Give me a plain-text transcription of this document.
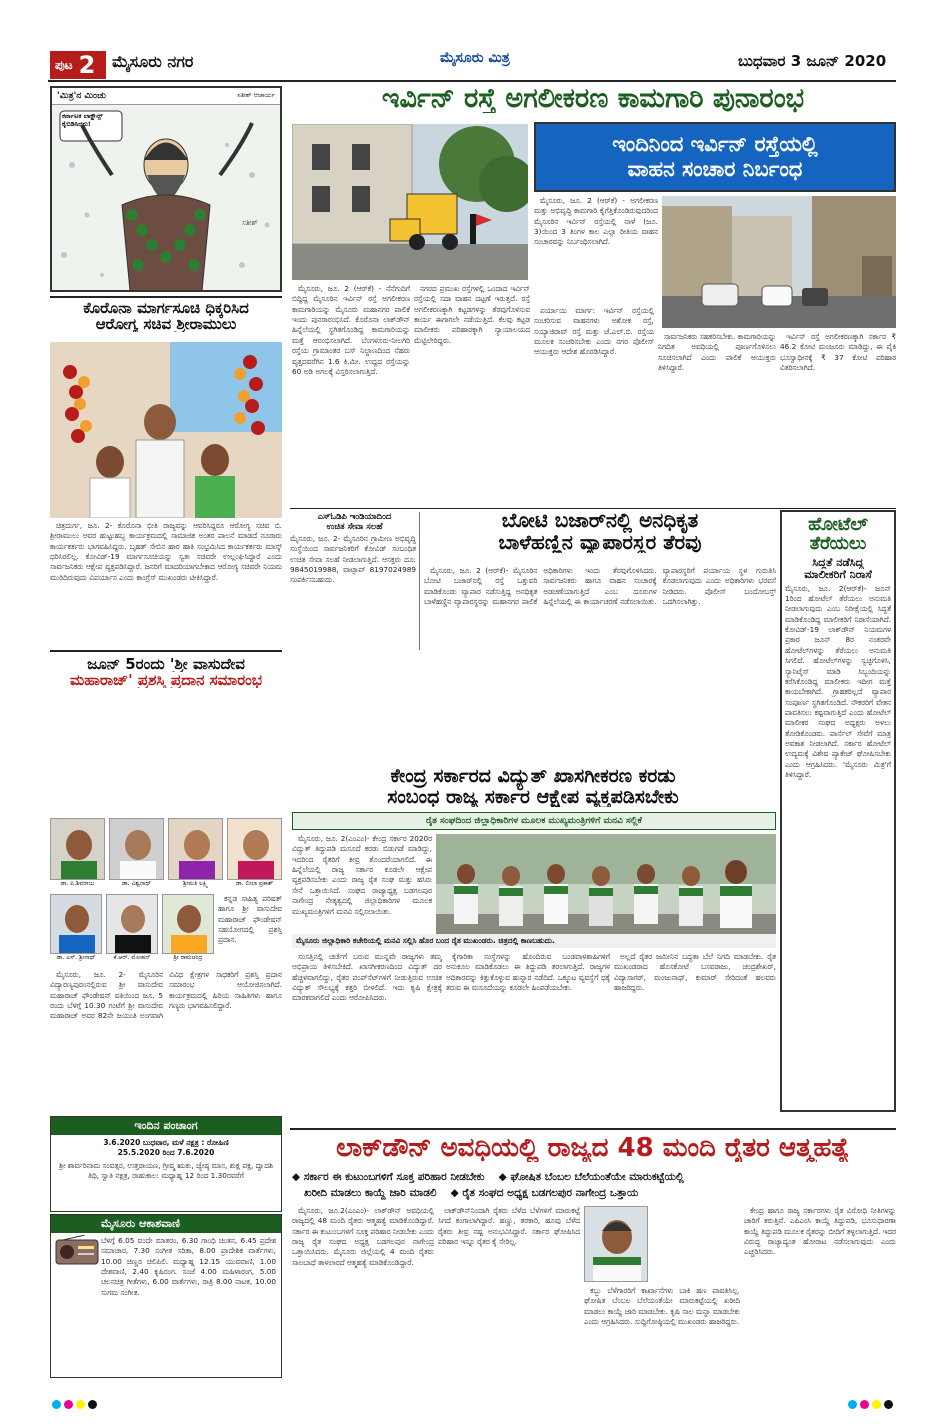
ಪುಟ 2 ಮೈಸೂರು ನಗರ	ಮೈಸೂರು ಮಿತ್ರ	ಬುಧವಾರ 3 ಜೂನ್ 2020
'ಮಿತ್ರ'ನ ಮಿಂಚು	ಸತೀಶ್ ಆಚಾರ್ಯ
ಕರ್ನಾಟಕ ಲಾಕ್ಡೌನ್ಸ್ ಕೈಬಿಡಿಸಿದರು!
ಸತೀಶ್
ಇರ್ವಿನ್ ರಸ್ತೆ ಅಗಲೀಕರಣ ಕಾಮಗಾರಿ ಪುನಾರಂಭ

ಮೈಸೂರು, ಜೂ. 2 (ಆರ್‌ಕೆ) - ನೆನೆಗುದಿಗೆ ಬಿದ್ದಿದ್ದ ಮೈಸೂರಿನ ಇರ್ವಿನ್ ರಸ್ತೆ ಅಗಲೀಕರಣ ಕಾಮಗಾರಿಯನ್ನು ಮೈಸೂರು ಮಹಾನಗರ ಪಾಲಿಕೆ ಇಂದು ಪುನರಾರಂಭಿಸಿದೆ. ಕೊರೊನಾ ಲಾಕ್‌ಡೌನ್ ಹಿನ್ನೆಲೆಯಲ್ಲಿ ಸ್ಥಗಿತಗೊಂಡಿದ್ದ ಕಾಮಗಾರಿಯನ್ನು ಮತ್ತೆ ಆರಂಭಿಸಲಾಗಿದೆ. ಬೆಂಗಳೂರು-ನೀಲಗಿರಿ ರಸ್ತೆಯ ಗ್ರಾಮಾಂತರ ಬಸ್ ನಿಲ್ದಾಣದಿಂದ ನೆಹರು ವೃತ್ತದವರೆಗಿನ 1.6 ಕಿ.ಮೀ. ಉದ್ದದ ರಸ್ತೆಯನ್ನು 60 ಅಡಿ ಅಗಲಕ್ಕೆ ವಿಸ್ತರಿಸಲಾಗುತ್ತಿದೆ.

ನಗರದ ಪ್ರಮುಖ ರಸ್ತೆಗಳಲ್ಲಿ ಒಂದಾದ ಇರ್ವಿನ್ ರಸ್ತೆಯಲ್ಲಿ ಸದಾ ವಾಹನ ದಟ್ಟಣೆ ಇರುತ್ತದೆ. ರಸ್ತೆ ಅಗಲೀಕರಣಕ್ಕಾಗಿ ಕಟ್ಟಡಗಳನ್ನು ತೆರವುಗೊಳಿಸುವ ಕಾರ್ಯ ಈಗಾಗಲೇ ನಡೆಯುತ್ತಿದೆ. ಕೆಲವು ಕಟ್ಟಡ ಮಾಲೀಕರು ಪರಿಹಾರಕ್ಕಾಗಿ ನ್ಯಾಯಾಲಯದ ಮೆಟ್ಟಿಲೇರಿದ್ದರು.

ಇಂದಿನಿಂದ ಇರ್ವಿನ್ ರಸ್ತೆಯಲ್ಲಿ
ವಾಹನ ಸಂಚಾರ ನಿರ್ಬಂಧ

ಮೈಸೂರು, ಜೂ. 2 (ಆರ್‌ಕೆ) - ಅಗಲೀಕರಣ ಮತ್ತು ಅಭಿವೃದ್ಧಿ ಕಾಮಗಾರಿ ಕೈಗೆತ್ತಿಕೊಂಡಿರುವುದರಿಂದ ಮೈಸೂರಿನ ಇರ್ವಿನ್ ರಸ್ತೆಯಲ್ಲಿ ನಾಳೆ (ಜೂ. 3)ಯಿಂದ 3 ತಿಂಗಳ ಕಾಲ ಎಲ್ಲಾ ರೀತಿಯ ವಾಹನ ಸಂಚಾರವನ್ನು ನಿರ್ಬಂಧಿಸಲಾಗಿದೆ.

ಪರ್ಯಾಯ ಮಾರ್ಗ: ಇರ್ವಿನ್ ರಸ್ತೆಯಲ್ಲಿ ಸಂಚರಿಸುವ ವಾಹನಗಳು ಅಶೋಕ ರಸ್ತೆ, ಸಯ್ಯಾಜಿರಾವ್ ರಸ್ತೆ ಮತ್ತು ಜೆ.ಎಲ್.ಬಿ. ರಸ್ತೆಯ ಮೂಲಕ ಸಂಚರಿಸಬೇಕು ಎಂದು ನಗರ ಪೊಲೀಸ್ ಆಯುಕ್ತರು ಆದೇಶ ಹೊರಡಿಸಿದ್ದಾರೆ.

ಸಾರ್ವಜನಿಕರು ಸಹಕರಿಸಬೇಕು. ಕಾಮಗಾರಿಯನ್ನು ನಿಗದಿತ ಅವಧಿಯಲ್ಲಿ ಪೂರ್ಣಗೊಳಿಸಲು ಸೂಚಿಸಲಾಗಿದೆ ಎಂದು ಪಾಲಿಕೆ ಆಯುಕ್ತರು ತಿಳಿಸಿದ್ದಾರೆ.

ಇರ್ವಿನ್ ರಸ್ತೆ ಅಗಲೀಕರಣಕ್ಕಾಗಿ ಸರ್ಕಾರ ₹ 46.2 ಕೋಟಿ ಮಂಜೂರು ಮಾಡಿದ್ದು, ಈ ಪೈಕಿ ಭೂಸ್ವಾಧೀನಕ್ಕೆ ₹ 37 ಕೋಟಿ ಪರಿಹಾರ ವಿತರಿಸಲಾಗಿದೆ.

ಕೊರೊನಾ ಮಾರ್ಗಸೂಚಿ ಧಿಕ್ಕರಿಸಿದ
ಆರೋಗ್ಯ ಸಚಿವ ಶ್ರೀರಾಮುಲು

ಚಿತ್ರದುರ್ಗ, ಜೂ. 2- ಕೊರೊನಾ ಭೀತಿ ರಾಜ್ಯವನ್ನು ಆವರಿಸಿದ್ದರೂ ಆರೋಗ್ಯ ಸಚಿವ ಬಿ. ಶ್ರೀರಾಮುಲು ಅವರ ಹುಟ್ಟುಹಬ್ಬ ಕಾರ್ಯಕ್ರಮದಲ್ಲಿ ಸಾಮಾಜಿಕ ಅಂತರ ಪಾಲನೆ ಮಾಡದೆ ನೂರಾರು ಕಾರ್ಯಕರ್ತರು ಭಾಗವಹಿಸಿದ್ದರು. ಬೃಹತ್ ಸೇಬಿನ ಹಾರ ಹಾಕಿ ಸಂಭ್ರಮಿಸಿದ ಕಾರ್ಯಕರ್ತರು ಮಾಸ್ಕ್ ಧರಿಸಿರಲಿಲ್ಲ. ಕೋವಿಡ್-19 ಮಾರ್ಗಸೂಚಿಯನ್ನು ಸ್ವತಃ ಸಚಿವರೇ ಉಲ್ಲಂಘಿಸಿದ್ದಾರೆ ಎಂದು ಸಾರ್ವಜನಿಕರು ಆಕ್ಷೇಪ ವ್ಯಕ್ತಪಡಿಸಿದ್ದಾರೆ. ಜನರಿಗೆ ಮಾದರಿಯಾಗಬೇಕಾದ ಆರೋಗ್ಯ ಸಚಿವರೇ ನಿಯಮ ಮುರಿದಿರುವುದು ವಿಪರ್ಯಾಸ ಎಂದು ಕಾಂಗ್ರೆಸ್ ಮುಖಂಡರು ಟೀಕಿಸಿದ್ದಾರೆ.

ಜೂನ್ 5ರಂದು 'ಶ್ರೀ ವಾಸುದೇವ
ಮಹಾರಾಜ್' ಪ್ರಶಸ್ತಿ ಪ್ರದಾನ ಸಮಾರಂಭ
ಡಾ. ಪಿ.ಶಿವರಾಜು	ಡಾ. ವಿಶ್ವನಾಥ್	ಶ್ರೀಮತಿ ಲಕ್ಷ್ಮಿ	ಡಾ. ಲೀಲಾ ಪ್ರಕಾಶ್
ಡಾ. ಎಸ್. ಶ್ರೀನಾಥ್	ಕೆ.ಆರ್. ಮೋಹನ್	ಶ್ರೀ ರಾಮಚಂದ್ರ

ಕನ್ನಡ ಸಾಹಿತ್ಯ ಪರಿಷತ್ ಹಾಗೂ ಶ್ರೀ ವಾಸುದೇವ ಮಹಾರಾಜ್ ಫೌಂಡೇಷನ್ ಸಹಯೋಗದಲ್ಲಿ ಪ್ರಶಸ್ತಿ ಪ್ರದಾನ.

ಮೈಸೂರು, ಜೂ. 2- ಮೈಸೂರಿನ ವಿದ್ಯಾರಣ್ಯಪುರಂನಲ್ಲಿರುವ ಶ್ರೀ ವಾಸುದೇವ ಮಹಾರಾಜ್ ಫೌಂಡೇಷನ್ ವತಿಯಿಂದ ಜೂ. 5 ರಂದು ಬೆಳಿಗ್ಗೆ 10.30 ಗಂಟೆಗೆ ಶ್ರೀ ವಾಸುದೇವ ಮಹಾರಾಜ್ ಅವರ 82ನೇ ಜಯಂತಿ ಅಂಗವಾಗಿ ವಿವಿಧ ಕ್ಷೇತ್ರಗಳ ಸಾಧಕರಿಗೆ ಪ್ರಶಸ್ತಿ ಪ್ರದಾನ ಸಮಾರಂಭ ಆಯೋಜಿಸಲಾಗಿದೆ. ಕಾರ್ಯಕ್ರಮದಲ್ಲಿ ಹಿರಿಯ ಸಾಹಿತಿಗಳು ಹಾಗೂ ಗಣ್ಯರು ಭಾಗವಹಿಸಲಿದ್ದಾರೆ.

ಇಂದಿನ ಪಂಚಾಂಗ
3.6.2020 ಬುಧವಾರ, ಮಳೆ ನಕ್ಷತ್ರ : ರೋಹಿಣಿ
25.5.2020 ರಿಂದ 7.6.2020
ಶ್ರೀ ಶಾರ್ವರಿನಾಮ ಸಂವತ್ಸರ, ಉತ್ತರಾಯಣ, ಗ್ರೀಷ್ಮ ಋತು, ಜ್ಯೇಷ್ಠ ಮಾಸ, ಶುಕ್ಲ ಪಕ್ಷ, ದ್ವಾದಶಿ ತಿಥಿ, ಸ್ವಾತಿ ನಕ್ಷತ್ರ, ರಾಹುಕಾಲ: ಮಧ್ಯಾಹ್ನ 12 ರಿಂದ 1.30ರವರೆಗೆ
ಮೈಸೂರು ಆಕಾಶವಾಣಿ
ಬೆಳಿಗ್ಗೆ 6.05 ವಂದೇ ಮಾತರಂ, 6.30 ಗಾಂಧಿ ಚಿಂತನ, 6.45 ಪ್ರದೇಶ ಸಮಾಚಾರ, 7.30 ಸಂಗೀತ ಸರಿತಾ, 8.00 ಪ್ರಾದೇಶಿಕ ವಾರ್ತೆಗಳು, 10.00 ಚಿಣ್ಣರ ಚಿಲಿಪಿಲಿ. ಮಧ್ಯಾಹ್ನ 12.15 ಯುವವಾಣಿ, 1.00 ದೇಶವಾಣಿ, 2.40 ಕೃಷಿರಂಗ. ಸಂಜೆ 4.00 ಮಹಿಳಾರಂಗ, 5.00 ಚಲನಚಿತ್ರ ಗೀತೆಗಳು, 6.00 ವಾರ್ತೆಗಳು, ರಾತ್ರಿ 8.00 ನಾಟಕ, 10.00 ಸುಗಮ ಸಂಗೀತ.
ಎಸ್‌ಓಡಿಪಿ ಇಂಡಿಯಾದಿಂದ
ಉಚಿತ ಸೇವಾ ಸಲಹೆ
ಮೈಸೂರು, ಜೂ. 2- ಮೈಸೂರಿನ ಗ್ರಾಮೀಣ ಅಭಿವೃದ್ಧಿ ಸಂಸ್ಥೆಯಿಂದ ಸಾರ್ವಜನಿಕರಿಗೆ ಕೋವಿಡ್ ಸಂಬಂಧಿತ ಉಚಿತ ಸೇವಾ ಸಲಹೆ ನೀಡಲಾಗುತ್ತಿದೆ. ಆಸಕ್ತರು ದೂ: 9845019988, ವಾಟ್ಸಾಪ್ 8197024989 ಸಂಪರ್ಕಿಸಬಹುದು.
ಬೋಟಿ ಬಜಾರ್‌ನಲ್ಲಿ ಅನಧಿಕೃತ
ಬಾಳೆಹಣ್ಣಿನ ವ್ಯಾಪಾರಸ್ಥರ ತೆರವು

ಮೈಸೂರು, ಜೂ. 2 (ಆರ್‌ಕೆ)- ಮೈಸೂರಿನ ಬೋಟಿ ಬಜಾರ್‌ನಲ್ಲಿ ರಸ್ತೆ ಒತ್ತುವರಿ ಮಾಡಿಕೊಂಡು ವ್ಯಾಪಾರ ನಡೆಸುತ್ತಿದ್ದ ಅನಧಿಕೃತ ಬಾಳೆಹಣ್ಣಿನ ವ್ಯಾಪಾರಸ್ಥರನ್ನು ಮಹಾನಗರ ಪಾಲಿಕೆ ಅಧಿಕಾರಿಗಳು ಇಂದು ತೆರವುಗೊಳಿಸಿದರು. ಸಾರ್ವಜನಿಕರು ಹಾಗೂ ವಾಹನ ಸಂಚಾರಕ್ಕೆ ಅಡಚಣೆಯಾಗುತ್ತಿದೆ ಎಂಬ ದೂರುಗಳ ಹಿನ್ನೆಲೆಯಲ್ಲಿ ಈ ಕಾರ್ಯಾಚರಣೆ ನಡೆಸಲಾಯಿತು. ವ್ಯಾಪಾರಸ್ಥರಿಗೆ ಪರ್ಯಾಯ ಸ್ಥಳ ಗುರುತಿಸಿ ಕೊಡಲಾಗುವುದು ಎಂದು ಅಧಿಕಾರಿಗಳು ಭರವಸೆ ನೀಡಿದರು. ಪೊಲೀಸ್ ಬಂದೋಬಸ್ತ್ ಒದಗಿಸಲಾಗಿತ್ತು.

ಹೋಟೆಲ್
ತೆರೆಯಲು
ಸಿದ್ಧತೆ ನಡೆಸಿದ್ದ
ಮಾಲೀಕರಿಗೆ ನಿರಾಸೆ
ಮೈಸೂರು, ಜೂ. 2(ಆರ್‌ಕೆ)- ಜೂನ್ 1ರಿಂದ ಹೋಟೆಲ್ ತೆರೆಯಲು ಅನುಮತಿ ನೀಡಲಾಗುವುದು ಎಂಬ ನಿರೀಕ್ಷೆಯಲ್ಲಿ ಸಿದ್ಧತೆ ಮಾಡಿಕೊಂಡಿದ್ದ ಮಾಲೀಕರಿಗೆ ನಿರಾಸೆಯಾಗಿದೆ. ಕೋವಿಡ್-19 ಲಾಕ್‌ಡೌನ್ ನಿಯಮಗಳ ಪ್ರಕಾರ ಜೂನ್ 8ರ ನಂತರವೇ ಹೋಟೆಲ್‌ಗಳನ್ನು ತೆರೆಯಲು ಅನುಮತಿ ಸಿಗಲಿದೆ. ಹೋಟೆಲ್‌ಗಳನ್ನು ಸ್ವಚ್ಛಗೊಳಿಸಿ, ಸ್ಯಾನಿಟೈಸ್ ಮಾಡಿ ಸಿಬ್ಬಂದಿಯನ್ನು ಕರೆಸಿಕೊಂಡಿದ್ದ ಮಾಲೀಕರು ಇದೀಗ ಮತ್ತೆ ಕಾಯಬೇಕಾಗಿದೆ. ಗ್ರಾಹಕರಿಲ್ಲದೆ ವ್ಯಾಪಾರ ಸಂಪೂರ್ಣ ಸ್ಥಗಿತಗೊಂಡಿದೆ. ನೌಕರರಿಗೆ ವೇತನ ಪಾವತಿಸಲು ಕಷ್ಟವಾಗುತ್ತಿದೆ ಎಂದು ಹೋಟೆಲ್ ಮಾಲೀಕರ ಸಂಘದ ಅಧ್ಯಕ್ಷರು ಅಳಲು ತೋಡಿಕೊಂಡರು. ಪಾರ್ಸೆಲ್ ಸೇವೆಗೆ ಮಾತ್ರ ಅವಕಾಶ ನೀಡಲಾಗಿದೆ. ಸರ್ಕಾರ ಹೋಟೆಲ್ ಉದ್ಯಮಕ್ಕೆ ವಿಶೇಷ ಪ್ಯಾಕೇಜ್ ಘೋಷಿಸಬೇಕು ಎಂದು ಆಗ್ರಹಿಸಿದರು. 'ಮೈಸೂರು ಮಿತ್ರ'ಗೆ ತಿಳಿಸಿದ್ದಾರೆ.
ಕೇಂದ್ರ ಸರ್ಕಾರದ ವಿದ್ಯುತ್ ಖಾಸಗೀಕರಣ ಕರಡು
ಸಂಬಂಧ ರಾಜ್ಯ ಸರ್ಕಾರ ಆಕ್ಷೇಪ ವ್ಯಕ್ತಪಡಿಸಬೇಕು
ರೈತ ಸಂಘದಿಂದ ಜಿಲ್ಲಾಧಿಕಾರಿಗಳ ಮೂಲಕ ಮುಖ್ಯಮಂತ್ರಿಗಳಿಗೆ ಮನವಿ ಸಲ್ಲಿಕೆ

ಮೈಸೂರು, ಜೂ. 2(ಎಂಎಂ)- ಕೇಂದ್ರ ಸರ್ಕಾರ 2020ರ ವಿದ್ಯುತ್ ತಿದ್ದುಪಡಿ ಮಸೂದೆ ಕರಡು ಬಿಡುಗಡೆ ಮಾಡಿದ್ದು, ಇದರಿಂದ ರೈತರಿಗೆ ತೀವ್ರ ತೊಂದರೆಯಾಗಲಿದೆ. ಈ ಹಿನ್ನೆಲೆಯಲ್ಲಿ ರಾಜ್ಯ ಸರ್ಕಾರ ಕೂಡಲೇ ಆಕ್ಷೇಪ ವ್ಯಕ್ತಪಡಿಸಬೇಕು ಎಂದು ರಾಜ್ಯ ರೈತ ಸಂಘ ಮತ್ತು ಹಸಿರು ಸೇನೆ ಒತ್ತಾಯಿಸಿದೆ. ಸಂಘದ ರಾಜ್ಯಾಧ್ಯಕ್ಷ ಬಡಗಲಪುರ ನಾಗೇಂದ್ರ ನೇತೃತ್ವದಲ್ಲಿ ಜಿಲ್ಲಾಧಿಕಾರಿಗಳ ಮೂಲಕ ಮುಖ್ಯಮಂತ್ರಿಗಳಿಗೆ ಮನವಿ ಸಲ್ಲಿಸಲಾಯಿತು.

ಮೈಸೂರು ಜಿಲ್ಲಾಧಿಕಾರಿ ಕಚೇರಿಯಲ್ಲಿ ಮನವಿ ಸಲ್ಲಿಸಿ ಹೊರ ಬಂದ ರೈತ ಮುಖಂಡರು. ಚಿತ್ರದಲ್ಲಿ ಕಾಣಬಹುದು.

ಸಂಸತ್ತಿನಲ್ಲಿ ಚರ್ಚೆಗೆ ಬರುವ ಮುನ್ನವೇ ರಾಜ್ಯಗಳು ತಮ್ಮ ಅಭಿಪ್ರಾಯ ತಿಳಿಸಬೇಕಿದೆ. ಖಾಸಗೀಕರಣದಿಂದ ವಿದ್ಯುತ್ ದರ ಹೆಚ್ಚಳವಾಗಲಿದ್ದು, ರೈತರ ಪಂಪ್‌ಸೆಟ್‌ಗಳಿಗೆ ನೀಡುತ್ತಿರುವ ಉಚಿತ ವಿದ್ಯುತ್ ಸೌಲಭ್ಯಕ್ಕೆ ಕತ್ತರಿ ಬೀಳಲಿದೆ. ಇದು ಕೃಷಿ ಕ್ಷೇತ್ರಕ್ಕೆ ಮಾರಕವಾಗಲಿದೆ ಎಂದು ಆರೋಪಿಸಿದರು.

ಕೈಗಾರಿಕಾ ಸಂಸ್ಥೆಗಳನ್ನು ಹೊಂದಿರುವ ಬಂಡವಾಳಶಾಹಿಗಳಿಗೆ ಅನುಕೂಲ ಮಾಡಿಕೊಡಲು ಈ ತಿದ್ದುಪಡಿ ತರಲಾಗುತ್ತಿದೆ. ರಾಜ್ಯಗಳ ಅಧಿಕಾರವನ್ನು ಕಿತ್ತುಕೊಳ್ಳುವ ಹುನ್ನಾರ ನಡೆದಿದೆ. ಒಕ್ಕೂಟ ವ್ಯವಸ್ಥೆಗೆ ಧಕ್ಕೆ ತರುವ ಈ ಮಸೂದೆಯನ್ನು ಕೂಡಲೇ ಹಿಂಪಡೆಯಬೇಕು.

ಅಲ್ಲದೆ ರೈತರ ಜಮೀನಿನ ಬದ್ಧತಾ ಬೆಲೆ ನಿಗದಿ ಮಾಡಬೇಕು. ರೈತ ಮುಖಂಡರಾದ ಹೊಸಕೋಟೆ ಬಸವರಾಜು, ಚಂದ್ರಶೇಖರ್, ವಿದ್ಯಾಸಾಗರ್, ಮಂಜುನಾಥ್, ಕುಮಾರ್ ಸೇರಿದಂತೆ ಹಲವರು ಹಾಜರಿದ್ದರು.

ಲಾಕ್‌ಡೌನ್ ಅವಧಿಯಲ್ಲಿ ರಾಜ್ಯದ 48 ಮಂದಿ ರೈತರ ಆತ್ಮಹತ್ಯೆ
◆ ಸರ್ಕಾರ ಈ ಕುಟುಂಬಗಳಿಗೆ ಸೂಕ್ತ ಪರಿಹಾರ ನೀಡಬೇಕು ◆ ಘೋಷಿತ ಬೆಂಬಲ ಬೆಲೆಯಂತೆಯೇ ಮಾರುಕಟ್ಟೆಯಲ್ಲಿ
ಖರೀದಿ ಮಾಡಲು ಕಾಯ್ದೆ ಜಾರಿ ಮಾಡಲಿ ◆ ರೈತ ಸಂಘದ ಅಧ್ಯಕ್ಷ ಬಡಗಲಪುರ ನಾಗೇಂದ್ರ ಒತ್ತಾಯ

ಮೈಸೂರು, ಜೂ.2(ಎಂಎಂ)- ಲಾಕ್‌ಡೌನ್ ಅವಧಿಯಲ್ಲಿ ರಾಜ್ಯದಲ್ಲಿ 48 ಮಂದಿ ರೈತರು ಆತ್ಮಹತ್ಯೆ ಮಾಡಿಕೊಂಡಿದ್ದಾರೆ. ಸರ್ಕಾರ ಈ ಕುಟುಂಬಗಳಿಗೆ ಸೂಕ್ತ ಪರಿಹಾರ ನೀಡಬೇಕು ಎಂದು ರಾಜ್ಯ ರೈತ ಸಂಘದ ಅಧ್ಯಕ್ಷ ಬಡಗಲಪುರ ನಾಗೇಂದ್ರ ಒತ್ತಾಯಿಸಿದರು. ಮೈಸೂರು ಜಿಲ್ಲೆಯಲ್ಲಿ 4 ಮಂದಿ ರೈತರು ಸಾಲಬಾಧೆ ತಾಳಲಾರದೆ ಆತ್ಮಹತ್ಯೆ ಮಾಡಿಕೊಂಡಿದ್ದಾರೆ.

ಲಾಕ್‌ಡೌನ್‌ನಿಂದಾಗಿ ರೈತರು ಬೆಳೆದ ಬೆಳೆಗಳಿಗೆ ಮಾರುಕಟ್ಟೆ ಸಿಗದೆ ಕಂಗಾಲಾಗಿದ್ದಾರೆ. ಹಣ್ಣು, ತರಕಾರಿ, ಹೂವು ಬೆಳೆದ ರೈತರು ತೀವ್ರ ನಷ್ಟ ಅನುಭವಿಸಿದ್ದಾರೆ. ಸರ್ಕಾರ ಘೋಷಿಸಿದ ಪರಿಹಾರ ಇನ್ನೂ ರೈತರ ಕೈ ಸೇರಿಲ್ಲ.

ಕಬ್ಬು ಬೆಳೆಗಾರರಿಗೆ ಕಾರ್ಖಾನೆಗಳು ಬಾಕಿ ಹಣ ಪಾವತಿಸಿಲ್ಲ. ಘೋಷಿತ ಬೆಂಬಲ ಬೆಲೆಯಂತೆಯೇ ಮಾರುಕಟ್ಟೆಯಲ್ಲಿ ಖರೀದಿ ಮಾಡಲು ಕಾಯ್ದೆ ಜಾರಿ ಮಾಡಬೇಕು. ಕೃಷಿ ಸಾಲ ಮನ್ನಾ ಮಾಡಬೇಕು ಎಂದು ಆಗ್ರಹಿಸಿದರು. ಸುದ್ದಿಗೋಷ್ಠಿಯಲ್ಲಿ ಮುಖಂಡರು ಹಾಜರಿದ್ದರು.

ಕೇಂದ್ರ ಹಾಗೂ ರಾಜ್ಯ ಸರ್ಕಾರಗಳು ರೈತ ವಿರೋಧಿ ನೀತಿಗಳನ್ನು ಜಾರಿಗೆ ತರುತ್ತಿವೆ. ಎಪಿಎಂಸಿ ಕಾಯ್ದೆ ತಿದ್ದುಪಡಿ, ಭೂಸುಧಾರಣಾ ಕಾಯ್ದೆ ತಿದ್ದುಪಡಿ ಮೂಲಕ ರೈತರನ್ನು ಬೀದಿಗೆ ತಳ್ಳಲಾಗುತ್ತಿದೆ. ಇದರ ವಿರುದ್ಧ ರಾಜ್ಯಾದ್ಯಂತ ಹೋರಾಟ ನಡೆಸಲಾಗುವುದು ಎಂದು ಎಚ್ಚರಿಸಿದರು.
